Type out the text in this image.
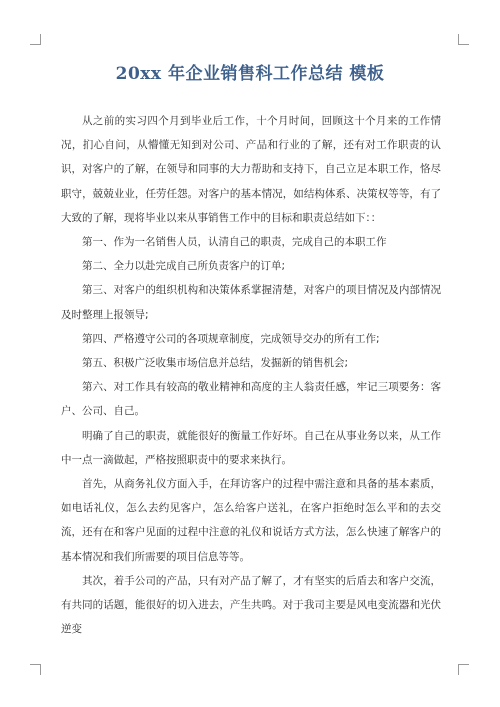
20xx 年企业销售科工作总结 模板

从之前的实习四个月到毕业后工作，十个月时间，回顾这十个月来的工作情况，扪心自问，从懵懂无知到对公司、产品和行业的了解，还有对工作职责的认识，对客户的了解，在领导和同事的大力帮助和支持下，自己立足本职工作，恪尽职守，兢兢业业，任劳任怨。对客户的基本情况，如结构体系、决策权等等，有了大致的了解，现将毕业以来从事销售工作中的目标和职责总结如下：：

第一、作为一名销售人员，认清自己的职责，完成自己的本职工作

第二、全力以赴完成自己所负责客户的订单;

第三、对客户的组织机构和决策体系掌握清楚，对客户的项目情况及内部情况及时整理上报领导;

第四、严格遵守公司的各项规章制度，完成领导交办的所有工作;

第五、积极广泛收集市场信息并总结，发掘新的销售机会;

第六、对工作具有较高的敬业精神和高度的主人翁责任感，牢记三项要务：客户、公司、自己。

明确了自己的职责，就能很好的衡量工作好坏。自己在从事业务以来，从工作中一点一滴做起，严格按照职责中的要求来执行。

首先，从商务礼仪方面入手，在拜访客户的过程中需注意和具备的基本素质，如电话礼仪，怎么去约见客户，怎么给客户送礼，在客户拒绝时怎么平和的去交流，还有在和客户见面的过程中注意的礼仪和说话方式方法，怎么快速了解客户的基本情况和我们所需要的项目信息等等。

其次，着手公司的产品，只有对产品了解了，才有坚实的后盾去和客户交流，有共同的话题，能很好的切入进去，产生共鸣。对于我司主要是风电变流器和光伏逆变
